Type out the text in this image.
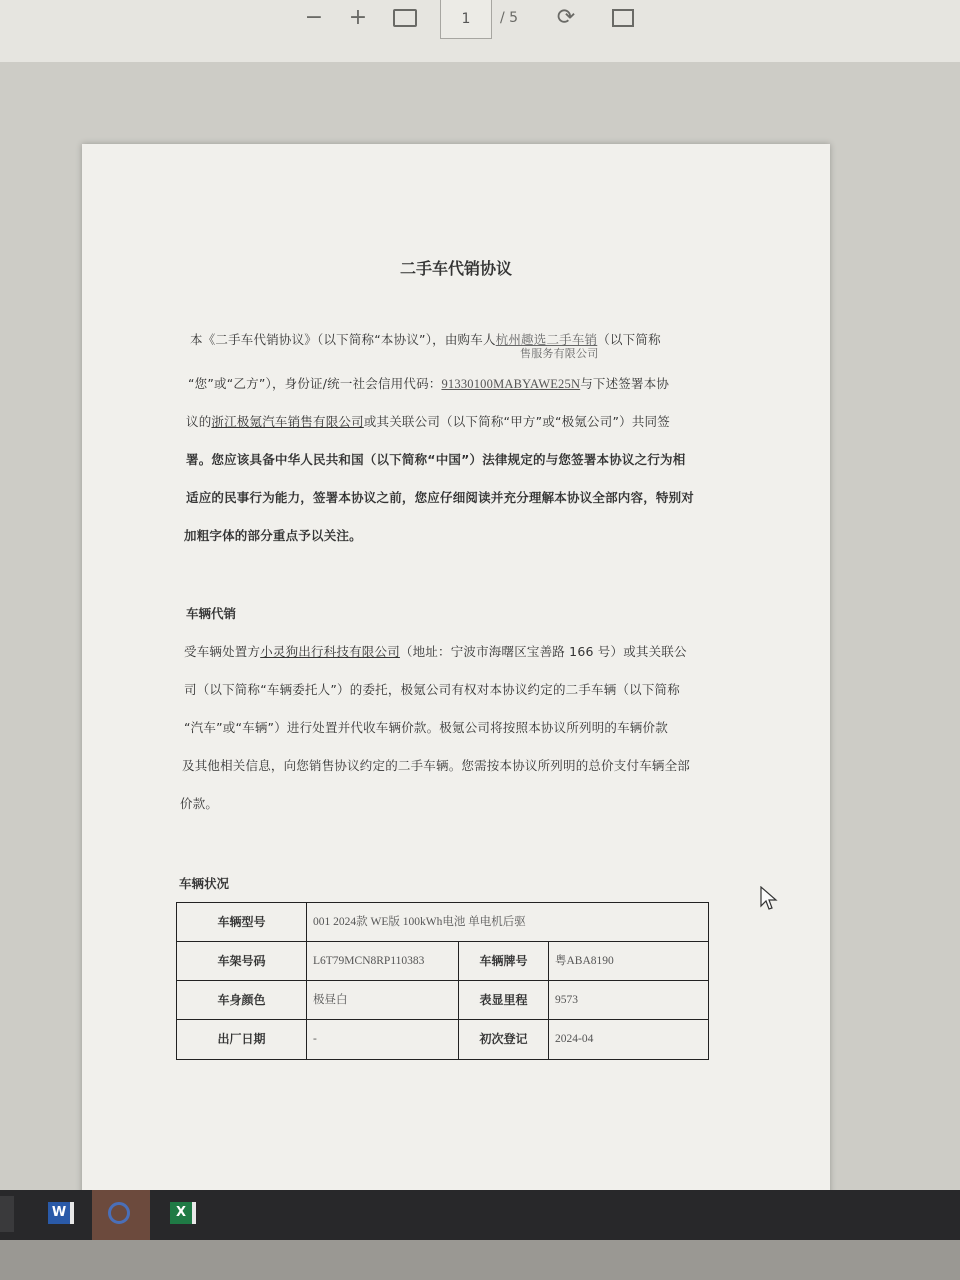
− +	1	/ 5 ⟳
二手车代销协议
本《二手车代销协议》（以下简称“本协议”），由购车人杭州趣选二手车销（以下简称
售服务有限公司
“您”或“乙方”），身份证/统一社会信用代码：91330100MABYAWE25N与下述签署本协
议的浙江极氪汽车销售有限公司或其关联公司（以下简称“甲方”或“极氪公司”）共同签
署。您应该具备中华人民共和国（以下简称“中国”）法律规定的与您签署本协议之行为相
适应的民事行为能力，签署本协议之前，您应仔细阅读并充分理解本协议全部内容，特别对
加粗字体的部分重点予以关注。
车辆代销
受车辆处置方小灵狗出行科技有限公司（地址：宁波市海曙区宝善路 166 号）或其关联公
司（以下简称“车辆委托人”）的委托，极氪公司有权对本协议约定的二手车辆（以下简称
“汽车”或“车辆”）进行处置并代收车辆价款。极氪公司将按照本协议所列明的车辆价款
及其他相关信息，向您销售协议约定的二手车辆。您需按本协议所列明的总价支付车辆全部
价款。
车辆状况
车辆型号	001 2024款 WE版 100kWh电池 单电机后驱
车架号码	L6T79MCN8RP110383	车辆牌号	粤ABA8190
车身颜色	极昼白	表显里程	9573
出厂日期	-	初次登记	2024-04
W	X
